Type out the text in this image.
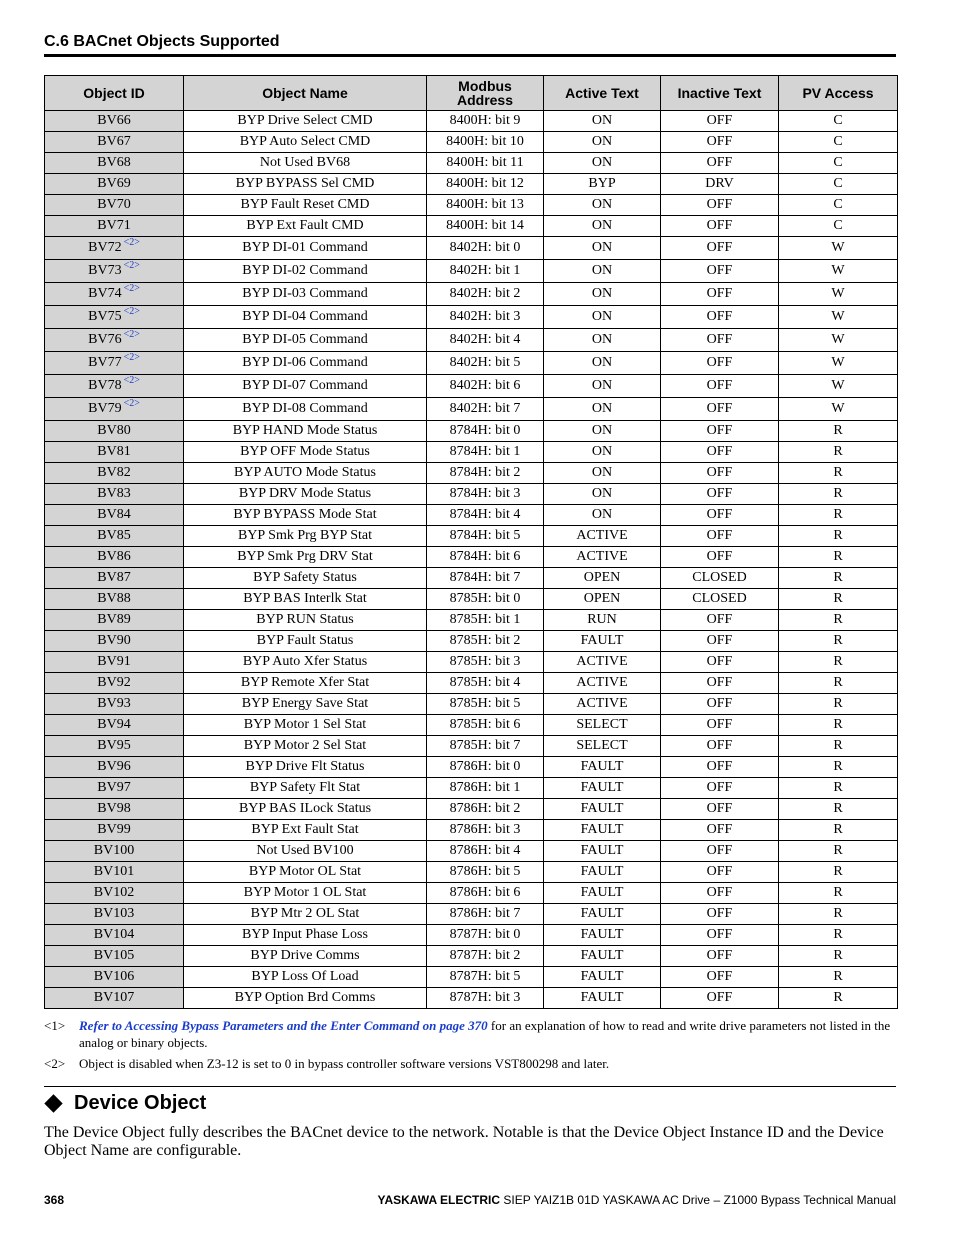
C.6 BACnet Objects Supported
Object ID	Object Name	Modbus Address	Active Text	Inactive Text	PV Access
BV66	BYP Drive Select CMD	8400H: bit 9	ON	OFF	C
BV67	BYP Auto Select CMD	8400H: bit 10	ON	OFF	C
BV68	Not Used BV68	8400H: bit 11	ON	OFF	C
BV69	BYP BYPASS Sel CMD	8400H: bit 12	BYP	DRV	C
BV70	BYP Fault Reset CMD	8400H: bit 13	ON	OFF	C
BV71	BYP Ext Fault CMD	8400H: bit 14	ON	OFF	C
BV72 $^{<2>}$	BYP DI-01 Command	8402H: bit 0	ON	OFF	W
BV73 $^{<2>}$	BYP DI-02 Command	8402H: bit 1	ON	OFF	W
BV74 $^{<2>}$	BYP DI-03 Command	8402H: bit 2	ON	OFF	W
BV75 $^{<2>}$	BYP DI-04 Command	8402H: bit 3	ON	OFF	W
BV76 $^{<2>}$	BYP DI-05 Command	8402H: bit 4	ON	OFF	W
BV77 $^{<2>}$	BYP DI-06 Command	8402H: bit 5	ON	OFF	W
BV78 $^{<2>}$	BYP DI-07 Command	8402H: bit 6	ON	OFF	W
BV79 $^{<2>}$	BYP DI-08 Command	8402H: bit 7	ON	OFF	W
BV80	BYP HAND Mode Status	8784H: bit 0	ON	OFF	R
BV81	BYP OFF Mode Status	8784H: bit 1	ON	OFF	R
BV82	BYP AUTO Mode Status	8784H: bit 2	ON	OFF	R
BV83	BYP DRV Mode Status	8784H: bit 3	ON	OFF	R
BV84	BYP BYPASS Mode Stat	8784H: bit 4	ON	OFF	R
BV85	BYP Smk Prg BYP Stat	8784H: bit 5	ACTIVE	OFF	R
BV86	BYP Smk Prg DRV Stat	8784H: bit 6	ACTIVE	OFF	R
BV87	BYP Safety Status	8784H: bit 7	OPEN	CLOSED	R
BV88	BYP BAS Interlk Stat	8785H: bit 0	OPEN	CLOSED	R
BV89	BYP RUN Status	8785H: bit 1	RUN	OFF	R
BV90	BYP Fault Status	8785H: bit 2	FAULT	OFF	R
BV91	BYP Auto Xfer Status	8785H: bit 3	ACTIVE	OFF	R
BV92	BYP Remote Xfer Stat	8785H: bit 4	ACTIVE	OFF	R
BV93	BYP Energy Save Stat	8785H: bit 5	ACTIVE	OFF	R
BV94	BYP Motor 1 Sel Stat	8785H: bit 6	SELECT	OFF	R
BV95	BYP Motor 2 Sel Stat	8785H: bit 7	SELECT	OFF	R
BV96	BYP Drive Flt Status	8786H: bit 0	FAULT	OFF	R
BV97	BYP Safety Flt Stat	8786H: bit 1	FAULT	OFF	R
BV98	BYP BAS ILock Status	8786H: bit 2	FAULT	OFF	R
BV99	BYP Ext Fault Stat	8786H: bit 3	FAULT	OFF	R
BV100	Not Used BV100	8786H: bit 4	FAULT	OFF	R
BV101	BYP Motor OL Stat	8786H: bit 5	FAULT	OFF	R
BV102	BYP Motor 1 OL Stat	8786H: bit 6	FAULT	OFF	R
BV103	BYP Mtr 2 OL Stat	8786H: bit 7	FAULT	OFF	R
BV104	BYP Input Phase Loss	8787H: bit 0	FAULT	OFF	R
BV105	BYP Drive Comms	8787H: bit 2	FAULT	OFF	R
BV106	BYP Loss Of Load	8787H: bit 5	FAULT	OFF	R
BV107	BYP Option Brd Comms	8787H: bit 3	FAULT	OFF	R
<1>	Refer to Accessing Bypass Parameters and the Enter Command on page 370 for an explanation of how to read and write drive parameters not listed in the analog or binary objects.
<2>	Object is disabled when Z3-12 is set to 0 in bypass controller software versions VST800298 and later.
Device Object
The Device Object fully describes the BACnet device to the network. Notable is that the Device Object Instance ID and the Device Object Name are configurable.
368	YASKAWA ELECTRIC SIEP YAIZ1B 01D YASKAWA AC Drive – Z1000 Bypass Technical Manual
